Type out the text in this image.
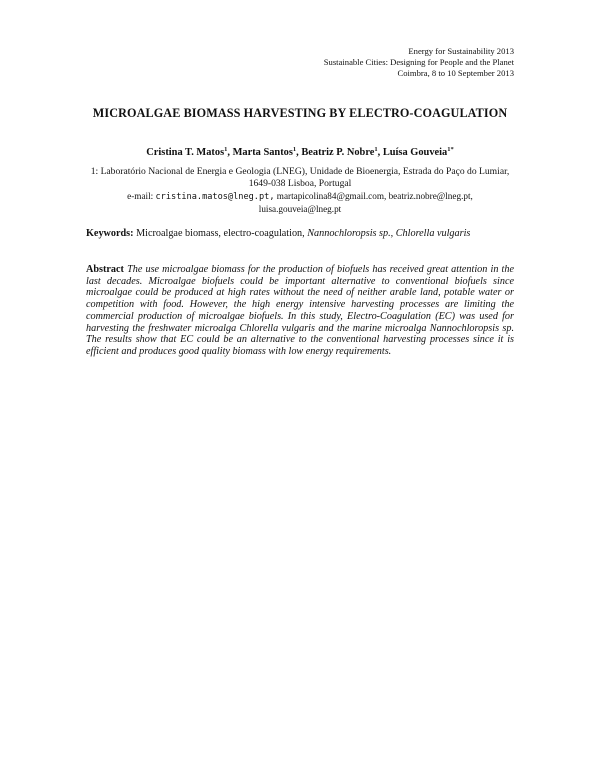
Energy for Sustainability 2013
Sustainable Cities: Designing for People and the Planet
Coimbra, 8 to 10 September 2013
MICROALGAE BIOMASS HARVESTING BY ELECTRO-COAGULATION
Cristina T. Matos$^1$, Marta Santos$^1$, Beatriz P. Nobre$^1$, Luísa Gouveia$^{1*}$
1: Laboratório Nacional de Energia e Geologia (LNEG), Unidade de Bioenergia, Estrada do Paço do Lumiar, 1649-038 Lisboa, Portugal
e-mail: cristina.matos@lneg.pt, martapicolina84@gmail.com, beatriz.nobre@lneg.pt,
luisa.gouveia@lneg.pt
Keywords: Microalgae biomass, electro-coagulation, Nannochloropsis sp., Chlorella vulgaris
Abstract The use microalgae biomass for the production of biofuels has received great attention in the last decades. Microalgae biofuels could be important alternative to conventional biofuels since microalgae could be produced at high rates without the need of neither arable land, potable water or competition with food. However, the high energy intensive harvesting processes are limiting the commercial production of microalgae biofuels. In this study, Electro-Coagulation (EC) was used for harvesting the freshwater microalga Chlorella vulgaris and the marine microalga Nannochloropsis sp. The results show that EC could be an alternative to the conventional harvesting processes since it is efficient and produces good quality biomass with low energy requirements.
